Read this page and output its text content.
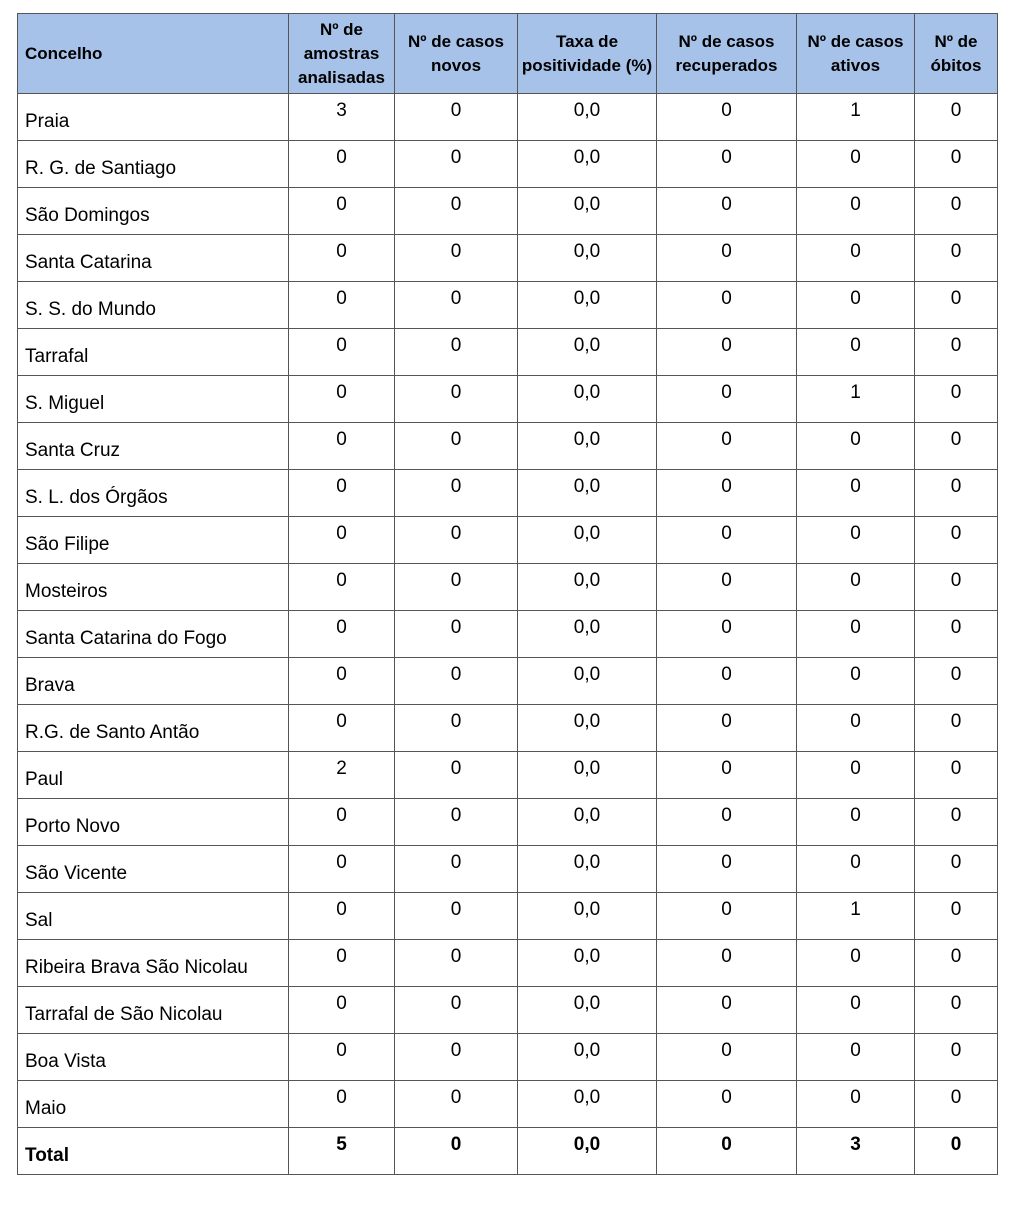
Concelho	Nº de amostras analisadas	Nº de casos novos	Taxa de positividade (%)	Nº de casos recuperados	Nº de casos ativos	Nº de óbitos
Praia	3	0	0,0	0	1	0
R. G. de Santiago	0	0	0,0	0	0	0
São Domingos	0	0	0,0	0	0	0
Santa Catarina	0	0	0,0	0	0	0
S. S. do Mundo	0	0	0,0	0	0	0
Tarrafal	0	0	0,0	0	0	0
S. Miguel	0	0	0,0	0	1	0
Santa Cruz	0	0	0,0	0	0	0
S. L. dos Órgãos	0	0	0,0	0	0	0
São Filipe	0	0	0,0	0	0	0
Mosteiros	0	0	0,0	0	0	0
Santa Catarina do Fogo	0	0	0,0	0	0	0
Brava	0	0	0,0	0	0	0
R.G. de Santo Antão	0	0	0,0	0	0	0
Paul	2	0	0,0	0	0	0
Porto Novo	0	0	0,0	0	0	0
São Vicente	0	0	0,0	0	0	0
Sal	0	0	0,0	0	1	0
Ribeira Brava São Nicolau	0	0	0,0	0	0	0
Tarrafal de São Nicolau	0	0	0,0	0	0	0
Boa Vista	0	0	0,0	0	0	0
Maio	0	0	0,0	0	0	0
Total	5	0	0,0	0	3	0
